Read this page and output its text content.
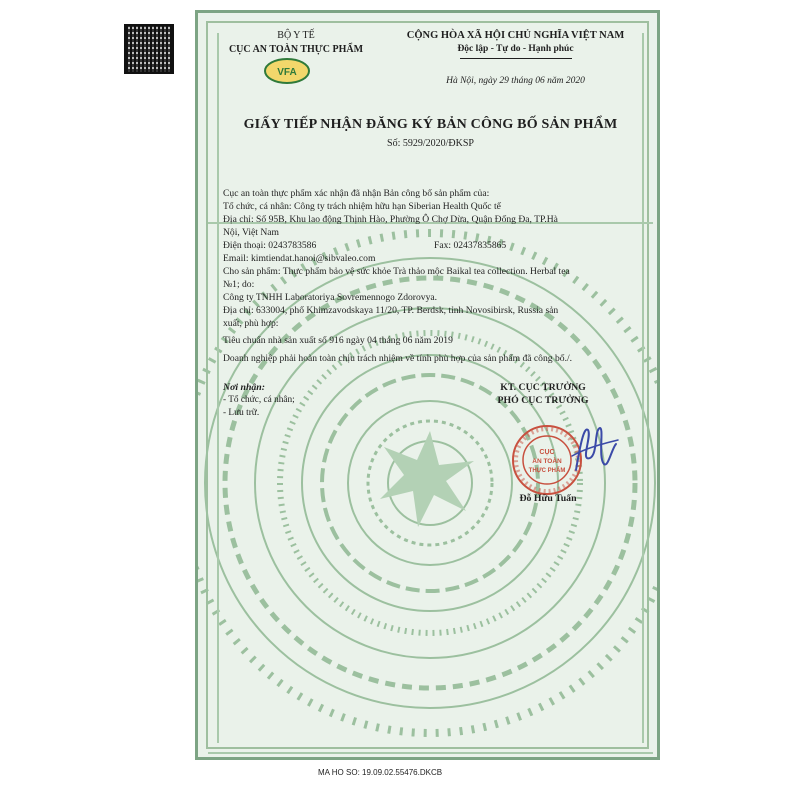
BỘ Y TẾ
CỤC AN TOÀN THỰC PHẨM
VFA
CỘNG HÒA XÃ HỘI CHỦ NGHĨA VIỆT NAM
Độc lập - Tự do - Hạnh phúc
Hà Nội, ngày 29 tháng 06 năm 2020
GIẤY TIẾP NHẬN ĐĂNG KÝ BẢN CÔNG BỐ SẢN PHẨM
Số: 5929/2020/ĐKSP
Cục an toàn thực phẩm xác nhận đã nhận Bản công bố sản phẩm của:
Tổ chức, cá nhân: Công ty trách nhiệm hữu hạn Siberian Health Quốc tế
Địa chỉ: Số 95B, Khu lao động Thịnh Hào, Phường Ô Chợ Dừa, Quận Đống Đa, TP.Hà
Nội, Việt Nam
Điện thoại: 0243783586	Fax: 02437835865
Email: kimtiendat.hanoi@sibvaleo.com
Cho sản phẩm: Thực phẩm bảo vệ sức khỏe Trà thảo mộc Baikal tea collection. Herbal tea
№1; do:
Công ty TNHH Laboratoriya Sovremennogo Zdorovya.
Địa chỉ: 633004, phố Khimzavodskaya 11/20, TP. Berdsk, tỉnh Novosibirsk, Russia sản
xuất, phù hợp:
Tiêu chuẩn nhà sản xuất số 916 ngày 04 tháng 06 năm 2019
Doanh nghiệp phải hoàn toàn chịu trách nhiệm về tính phù hợp của sản phẩm đã công bố./.
Nơi nhận:
- Tổ chức, cá nhân;
- Lưu trữ.
KT. CỤC TRƯỞNG
PHÓ CỤC TRƯỞNG
CỤC
AN TOÀN
THỰC PHẨM
Đỗ Hữu Tuấn
MA HO SO: 19.09.02.55476.DKCB
